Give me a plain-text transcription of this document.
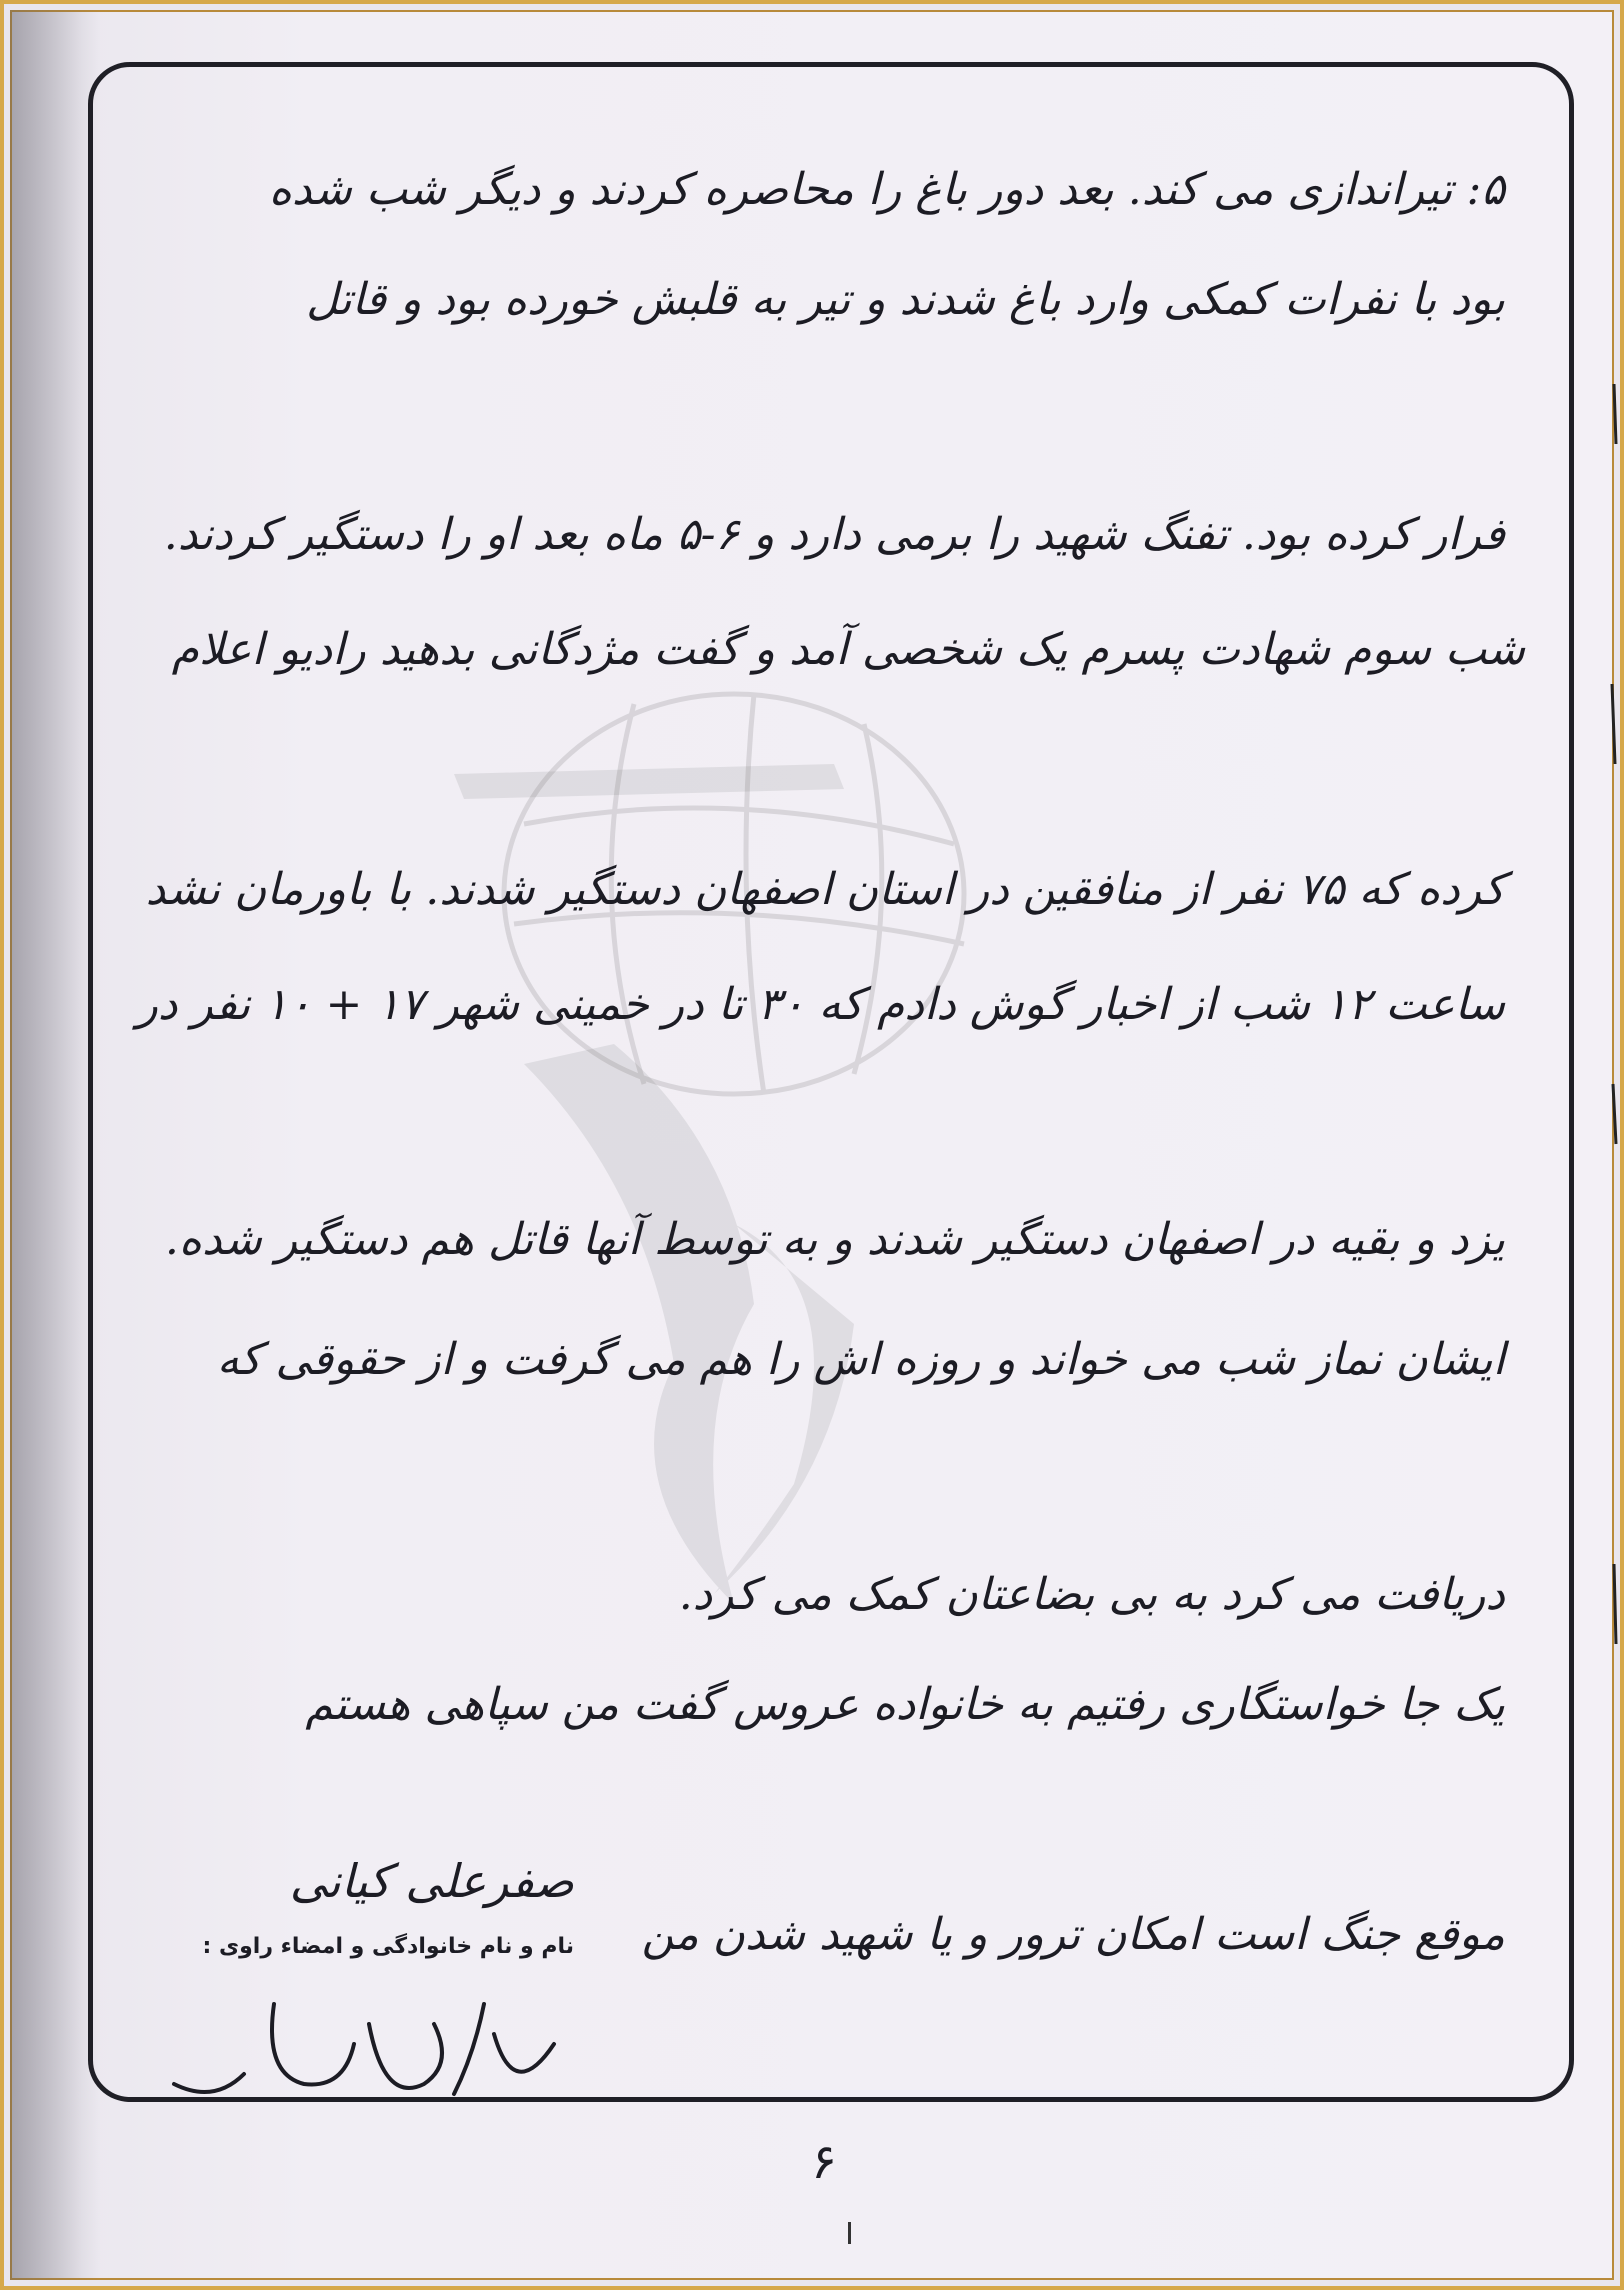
۵: تیراندازی می کند. بعد دور باغ را محاصره کردند و دیگر شب شده
بود با نفرات کمکی وارد باغ شدند و تیر به قلبش خورده بود و قاتل
فرار کرده بود. تفنگ شهید را برمی دارد و ۶-۵ ماه بعد او را دستگیر کردند.
شب سوم شهادت پسرم یک شخصی آمد و گفت مژدگانی بدهید رادیو اعلام
کرده که ۷۵ نفر از منافقین در استان اصفهان دستگیر شدند. با باورمان نشد
ساعت ۱۲ شب از اخبار گوش دادم که ۳۰ تا در خمینی شهر ۱۷ + ۱۰ نفر در
یزد و بقیه در اصفهان دستگیر شدند و به توسط آنها قاتل هم دستگیر شده.
ایشان نماز شب می خواند و روزه اش را هم می گرفت و از حقوقی که
دریافت می کرد به بی بضاعتان کمک می کرد.
یک جا خواستگاری رفتیم به خانواده عروس گفت من سپاهی هستم
موقع جنگ است امکان ترور و یا شهید شدن من
صفرعلی کیانی
نام و نام خانوادگی و امضاء راوی :
۶
